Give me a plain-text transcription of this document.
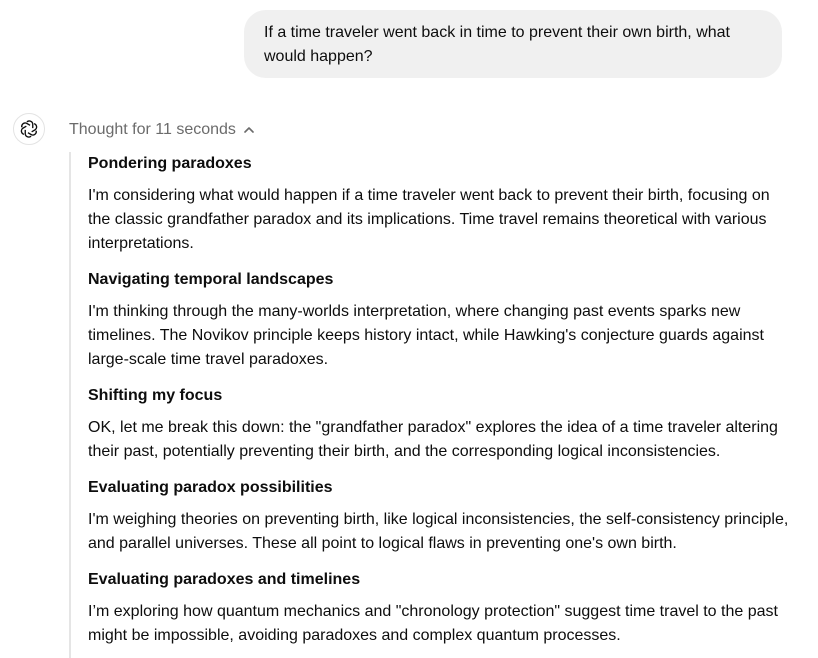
If a time traveler went back in time to prevent their own birth, what would happen?
Thought for 11 seconds

Pondering paradoxes

I'm considering what would happen if a time traveler went back to prevent their birth, focusing on the classic grandfather paradox and its implications. Time travel remains theoretical with various interpretations.

Navigating temporal landscapes

I'm thinking through the many-worlds interpretation, where changing past events sparks new timelines. The Novikov principle keeps history intact, while Hawking's conjecture guards against large-scale time travel paradoxes.

Shifting my focus

OK, let me break this down: the "grandfather paradox" explores the idea of a time traveler altering their past, potentially preventing their birth, and the corresponding logical inconsistencies.

Evaluating paradox possibilities

I'm weighing theories on preventing birth, like logical inconsistencies, the self-consistency principle, and parallel universes. These all point to logical flaws in preventing one's own birth.

Evaluating paradoxes and timelines

I’m exploring how quantum mechanics and "chronology protection" suggest time travel to the past might be impossible, avoiding paradoxes and complex quantum processes.
